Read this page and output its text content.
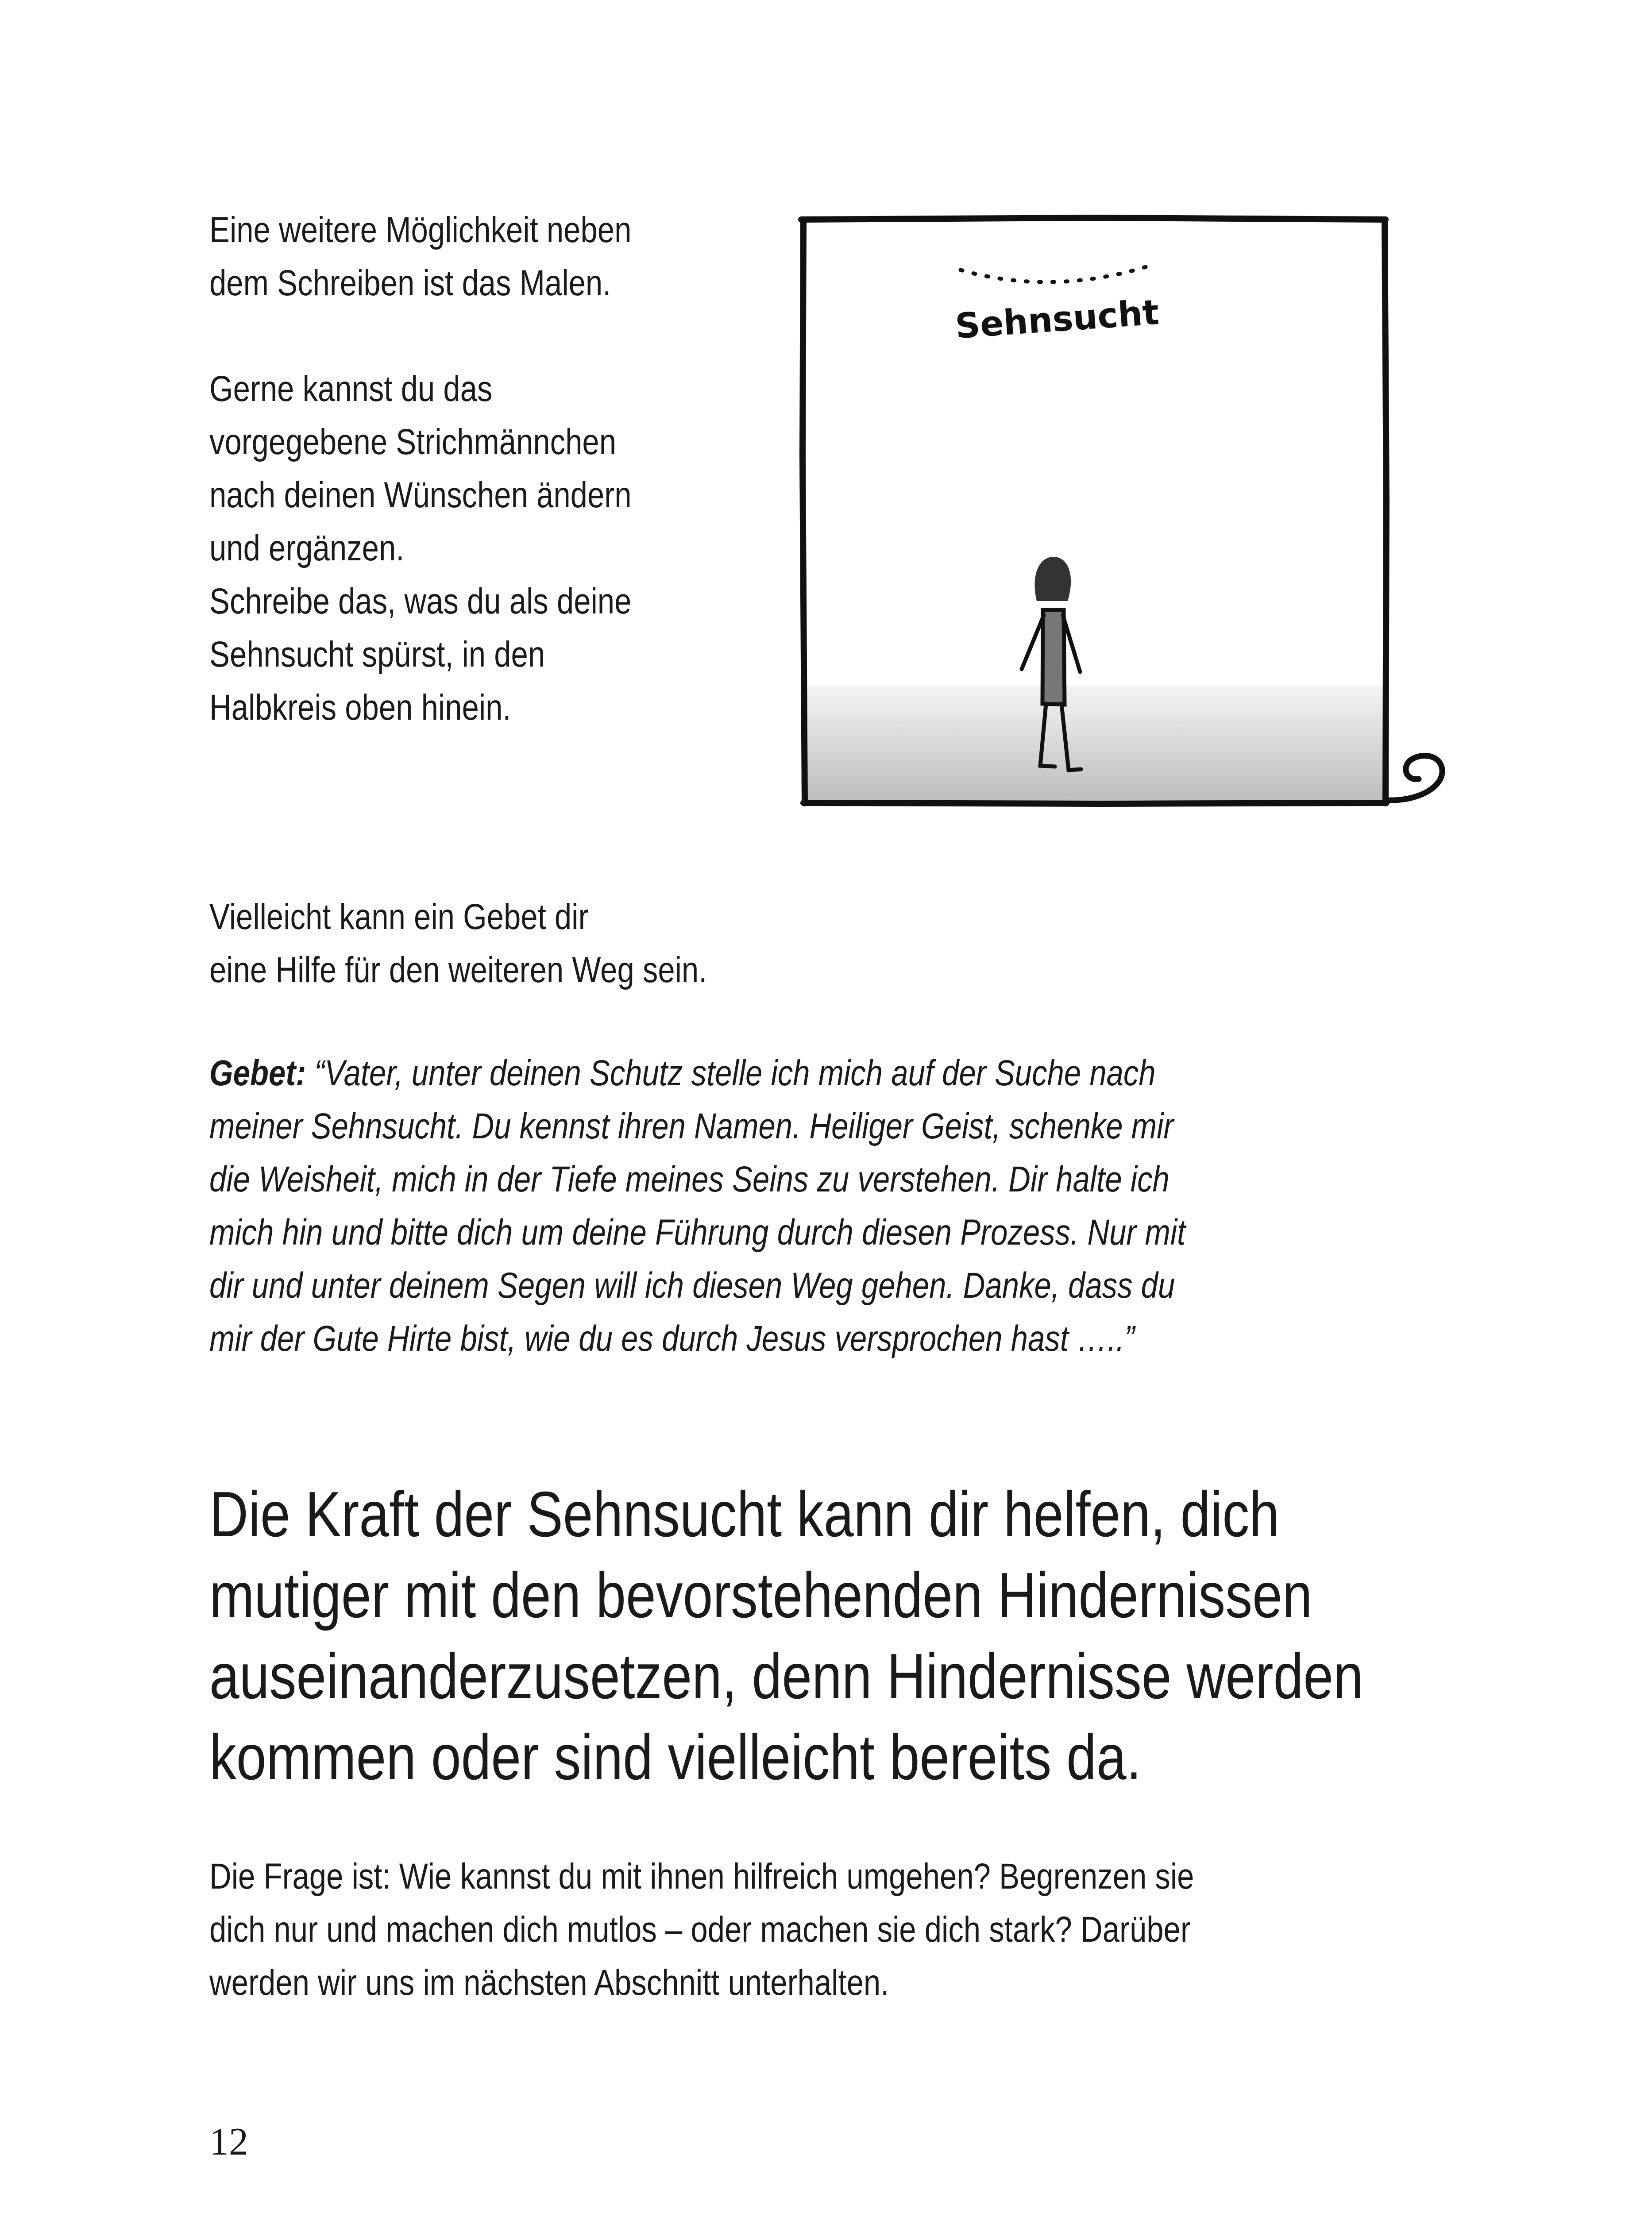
Eine weitere Möglichkeit neben
dem Schreiben ist das Malen.
Gerne kannst du das
vorgegebene Strichmännchen
nach deinen Wünschen ändern
und ergänzen.
Schreibe das, was du als deine
Sehnsucht spürst, in den
Halbkreis oben hinein.
Sehnsucht
Vielleicht kann ein Gebet dir
eine Hilfe für den weiteren Weg sein.
Gebet: “Vater, unter deinen Schutz stelle ich mich auf der Suche nach
meiner Sehnsucht. Du kennst ihren Namen. Heiliger Geist, schenke mir
die Weisheit, mich in der Tiefe meines Seins zu verstehen. Dir halte ich
mich hin und bitte dich um deine Führung durch diesen Prozess. Nur mit
dir und unter deinem Segen will ich diesen Weg gehen. Danke, dass du
mir der Gute Hirte bist, wie du es durch Jesus versprochen hast …..”
Die Kraft der Sehnsucht kann dir helfen, dich
mutiger mit den bevorstehenden Hindernissen
auseinanderzusetzen, denn Hindernisse werden
kommen oder sind vielleicht bereits da.
Die Frage ist: Wie kannst du mit ihnen hilfreich umgehen? Begrenzen sie
dich nur und machen dich mutlos – oder machen sie dich stark? Darüber
werden wir uns im nächsten Abschnitt unterhalten.
12
